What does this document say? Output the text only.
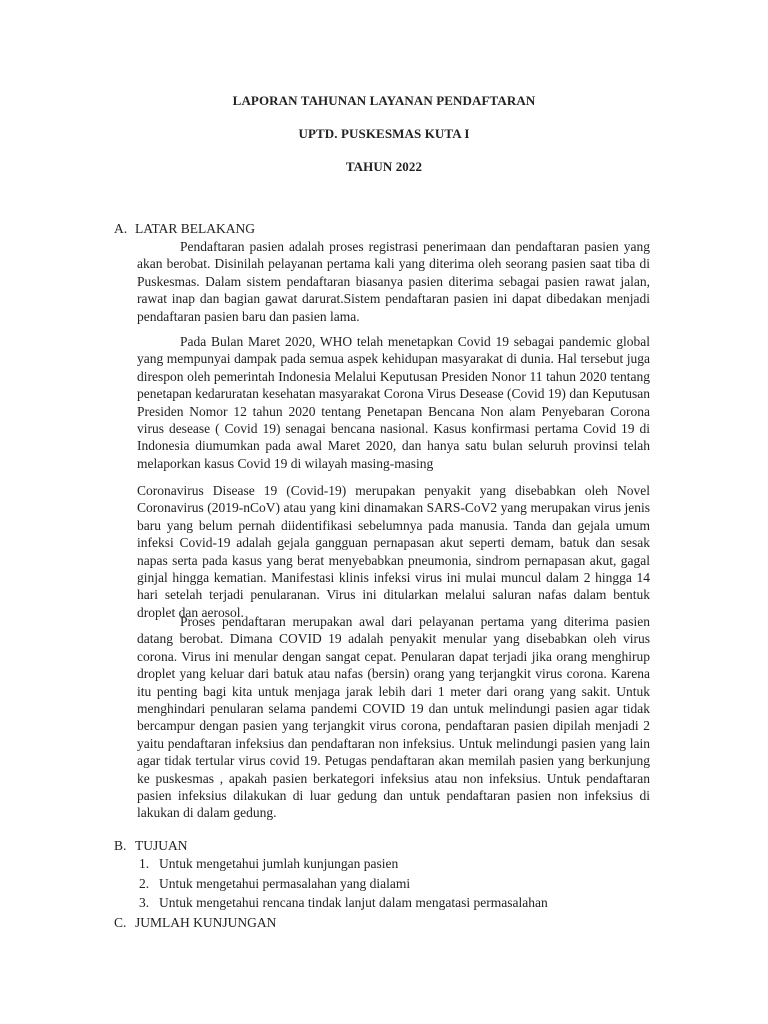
LAPORAN TAHUNAN LAYANAN PENDAFTARAN
UPTD. PUSKESMAS KUTA I
TAHUN 2022
A. LATAR BELAKANG

Pendaftaran pasien adalah proses registrasi penerimaan dan pendaftaran pasien yang akan berobat. Disinilah pelayanan pertama kali yang diterima oleh seorang pasien saat tiba di Puskesmas. Dalam sistem pendaftaran biasanya pasien diterima sebagai pasien rawat jalan, rawat inap dan bagian gawat darurat.Sistem pendaftaran pasien ini dapat dibedakan menjadi pendaftaran pasien baru dan pasien lama.

Pada Bulan Maret 2020, WHO telah menetapkan Covid 19 sebagai pandemic global yang mempunyai dampak pada semua aspek kehidupan masyarakat di dunia. Hal tersebut juga direspon oleh pemerintah Indonesia Melalui Keputusan Presiden Nonor 11 tahun 2020 tentang penetapan kedaruratan kesehatan masyarakat Corona Virus Desease (Covid 19) dan Keputusan Presiden Nomor 12 tahun 2020 tentang Penetapan Bencana Non alam Penyebaran Corona virus desease ( Covid 19) senagai bencana nasional. Kasus konfirmasi pertama Covid 19 di Indonesia diumumkan pada awal Maret 2020, dan hanya satu bulan seluruh provinsi telah melaporkan kasus Covid 19 di wilayah masing-masing

Coronavirus Disease 19 (Covid-19) merupakan penyakit yang disebabkan oleh Novel Coronavirus (2019-nCoV) atau yang kini dinamakan SARS-CoV2 yang merupakan virus jenis baru yang belum pernah diidentifikasi sebelumnya pada manusia. Tanda dan gejala umum infeksi Covid-19 adalah gejala gangguan pernapasan akut seperti demam, batuk dan sesak napas serta pada kasus yang berat menyebabkan pneumonia, sindrom pernapasan akut, gagal ginjal hingga kematian. Manifestasi klinis infeksi virus ini mulai muncul dalam 2 hingga 14 hari setelah terjadi penularanan. Virus ini ditularkan melalui saluran nafas dalam bentuk droplet dan aerosol.

Proses pendaftaran merupakan awal dari pelayanan pertama yang diterima pasien datang berobat. Dimana COVID 19 adalah penyakit menular yang disebabkan oleh virus corona. Virus ini menular dengan sangat cepat. Penularan dapat terjadi jika orang menghirup droplet yang keluar dari batuk atau nafas (bersin) orang yang terjangkit virus corona. Karena itu penting bagi kita untuk menjaga jarak lebih dari 1 meter dari orang yang sakit. Untuk menghindari penularan selama pandemi COVID 19 dan untuk melindungi pasien agar tidak bercampur dengan pasien yang terjangkit virus corona, pendaftaran pasien dipilah menjadi 2 yaitu pendaftaran infeksius dan pendaftaran non infeksius. Untuk melindungi pasien yang lain agar tidak tertular virus covid 19. Petugas pendaftaran akan memilah pasien yang berkunjung ke puskesmas , apakah pasien berkategori infeksius atau non infeksius. Untuk pendaftaran pasien infeksius dilakukan di luar gedung dan untuk pendaftaran pasien non infeksius di lakukan di dalam gedung.

B. TUJUAN
1. Untuk mengetahui jumlah kunjungan pasien
2. Untuk mengetahui permasalahan yang dialami
3. Untuk mengetahui rencana tindak lanjut dalam mengatasi permasalahan
C. JUMLAH KUNJUNGAN
